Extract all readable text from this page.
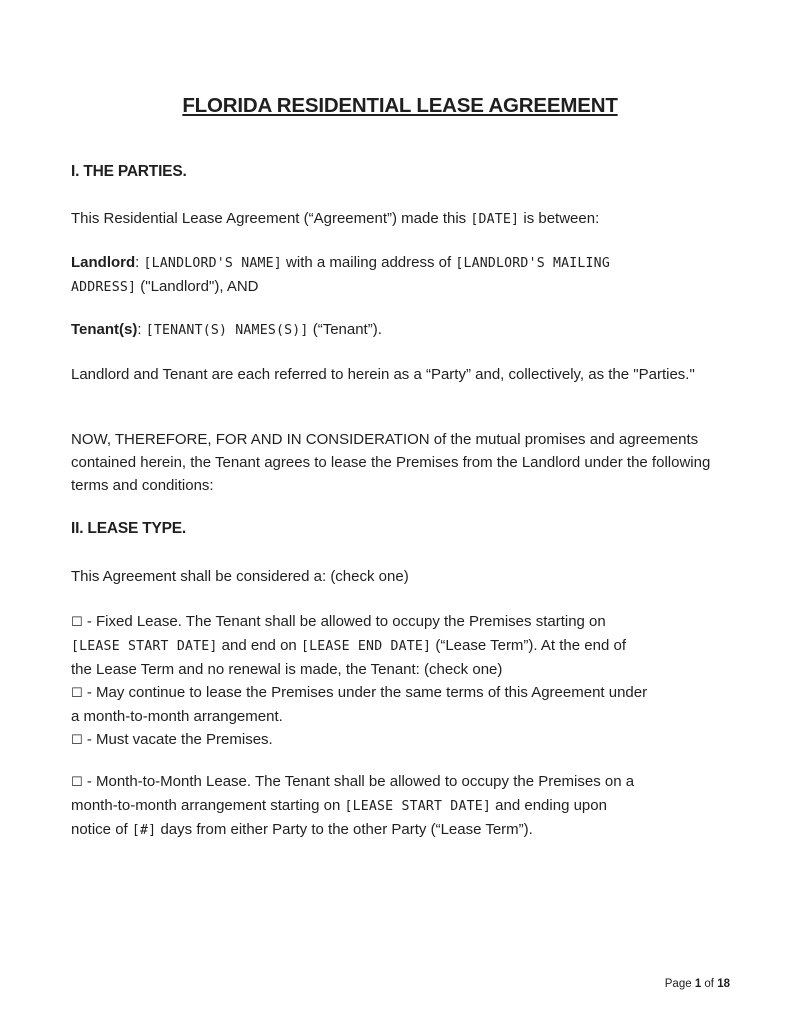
FLORIDA RESIDENTIAL LEASE AGREEMENT
I. THE PARTIES.
This Residential Lease Agreement (“Agreement”) made this [DATE] is between:
Landlord: [LANDLORD'S NAME] with a mailing address of [LANDLORD'S MAILING
ADDRESS] ("Landlord"), AND
Tenant(s): [TENANT(S) NAMES(S)] (“Tenant”).
Landlord and Tenant are each referred to herein as a “Party” and, collectively, as the "Parties."
NOW, THEREFORE, FOR AND IN CONSIDERATION of the mutual promises and agreements contained herein, the Tenant agrees to lease the Premises from the Landlord under the following terms and conditions:
II. LEASE TYPE.
This Agreement shall be considered a: (check one)
☐ - Fixed Lease. The Tenant shall be allowed to occupy the Premises starting on
[LEASE START DATE] and end on [LEASE END DATE] (“Lease Term”). At the end of
the Lease Term and no renewal is made, the Tenant: (check one)
☐ - May continue to lease the Premises under the same terms of this Agreement under
a month-to-month arrangement.
☐ - Must vacate the Premises.
☐ - Month-to-Month Lease. The Tenant shall be allowed to occupy the Premises on a
month-to-month arrangement starting on [LEASE START DATE] and ending upon
notice of [#] days from either Party to the other Party (“Lease Term”).
Page 1 of 18
